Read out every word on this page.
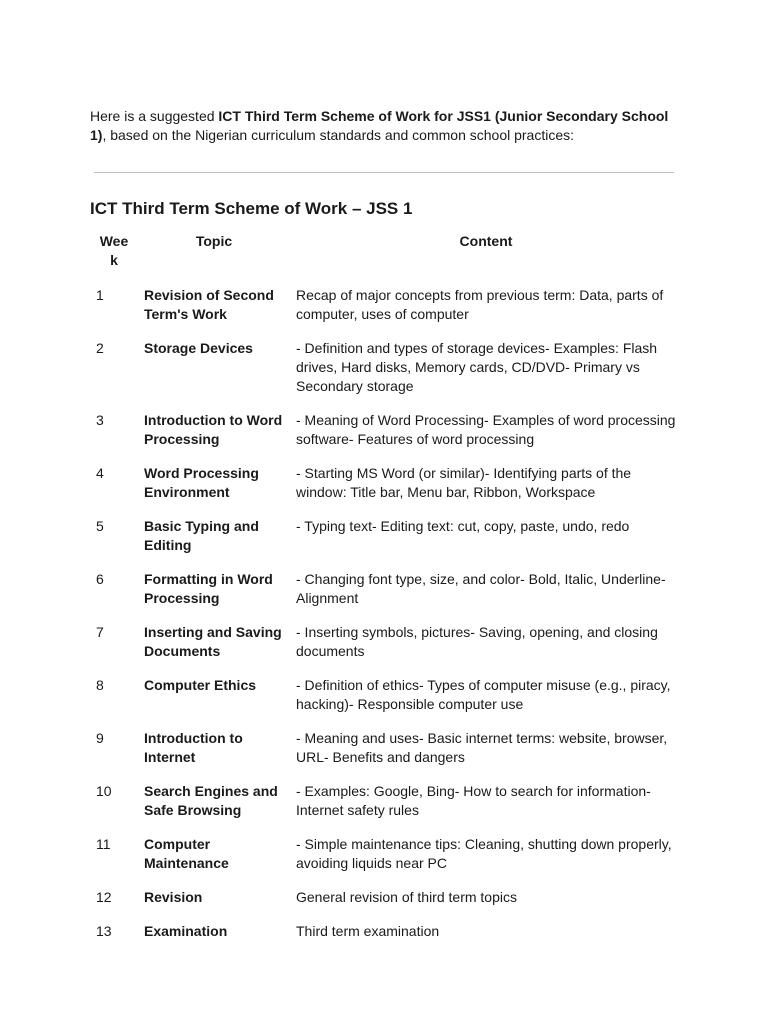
Here is a suggested ICT Third Term Scheme of Work for JSS1 (Junior Secondary School 1), based on the Nigerian curriculum standards and common school practices:

ICT Third Term Scheme of Work – JSS 1
Week	Topic	Content
1	Revision of Second Term's Work	Recap of major concepts from previous term: Data, parts of computer, uses of computer
2	Storage Devices	- Definition and types of storage devices- Examples: Flash drives, Hard disks, Memory cards, CD/DVD- Primary vs Secondary storage
3	Introduction to Word Processing	- Meaning of Word Processing- Examples of word processing software- Features of word processing
4	Word Processing Environment	- Starting MS Word (or similar)- Identifying parts of the window: Title bar, Menu bar, Ribbon, Workspace
5	Basic Typing and Editing	- Typing text- Editing text: cut, copy, paste, undo, redo
6	Formatting in Word Processing	- Changing font type, size, and color- Bold, Italic, Underline- Alignment
7	Inserting and Saving Documents	- Inserting symbols, pictures- Saving, opening, and closing documents
8	Computer Ethics	- Definition of ethics- Types of computer misuse (e.g., piracy, hacking)- Responsible computer use
9	Introduction to Internet	- Meaning and uses- Basic internet terms: website, browser, URL- Benefits and dangers
10	Search Engines and Safe Browsing	- Examples: Google, Bing- How to search for information- Internet safety rules
11	Computer Maintenance	- Simple maintenance tips: Cleaning, shutting down properly, avoiding liquids near PC
12	Revision	General revision of third term topics
13	Examination	Third term examination
